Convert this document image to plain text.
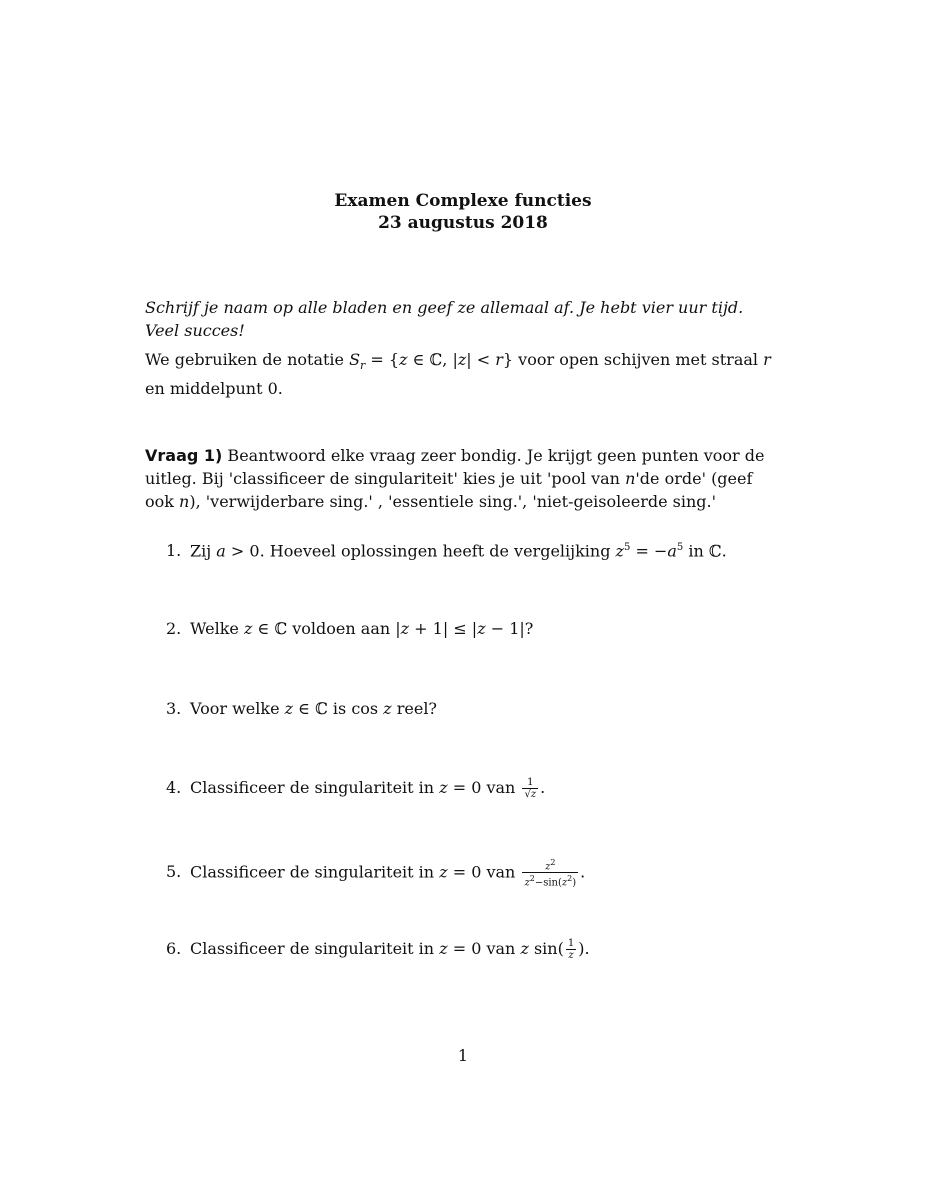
Examen Complexe functies
23 augustus 2018
Schrijf je naam op alle bladen en geef ze allemaal af. Je hebt vier uur tijd. Veel succes!
We gebruiken de notatie $S_r = \{z$ ∈ ℂ, |z| < r} voor open schijven met straal r en middelpunt 0.
Vraag 1) Beantwoord elke vraag zeer bondig. Je krijgt geen punten voor de uitleg. Bij 'classificeer de singulariteit' kies je uit 'pool van n'de orde' (geef ook n), 'verwijderbare sing.' , 'essentiele sing.', 'niet-geisoleerde sing.'
1. Zij a > 0. Hoeveel oplossingen heeft de vergelijking $z^5 = -a^5$ in ℂ.
2. Welke z ∈ ℂ voldoen aan |z + 1| ≤ |z − 1|?
3. Voor welke z ∈ ℂ is cos z reel?
4. Classificeer de singulariteit in z = 0 van $\frac{1}{√z}$ .
5. Classificeer de singulariteit in z = 0 van $\frac{z^2}{z^2-\sin(z^2)}$ .
6. Classificeer de singulariteit in z = 0 van z $\sin( \frac{1}{z}$ ).
1
